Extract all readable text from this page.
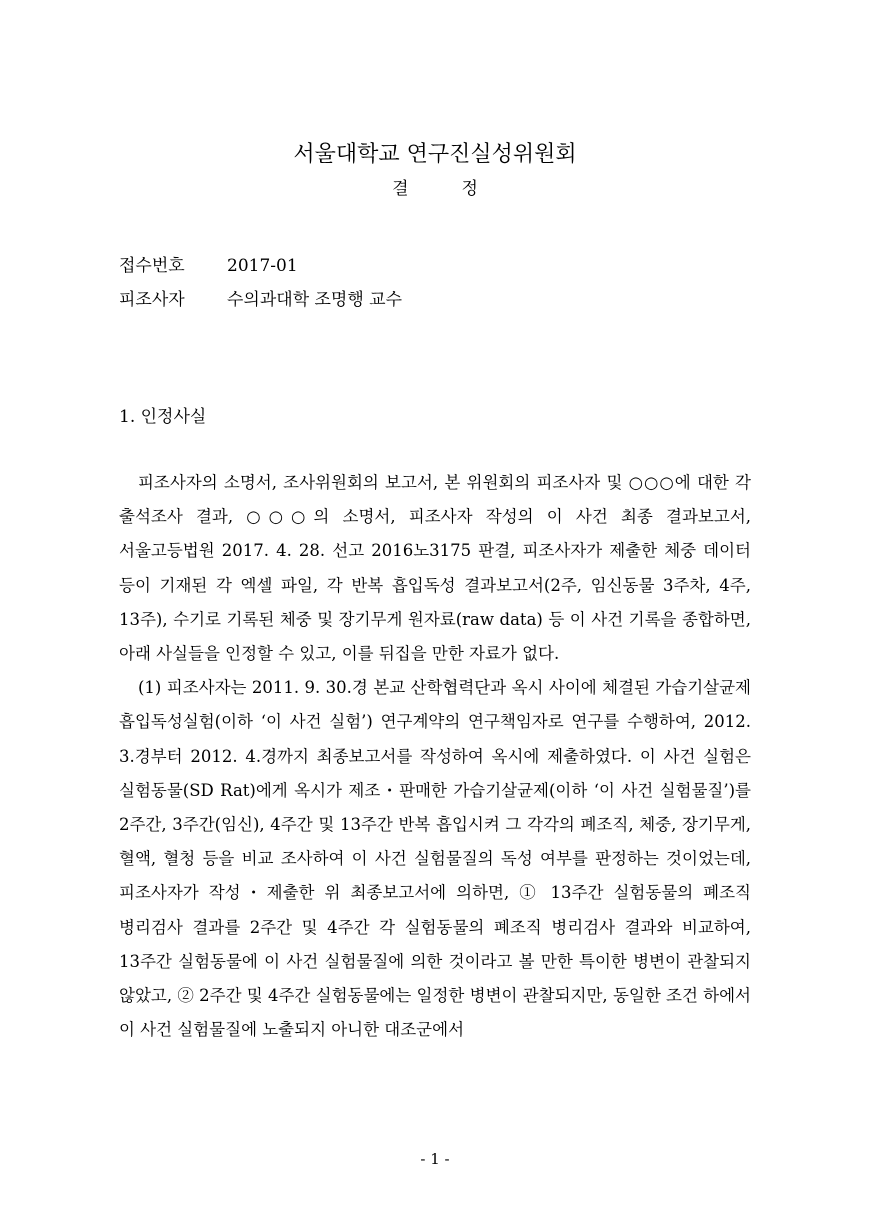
서울대학교 연구진실성위원회
결 정
접수번호 2017-01
피조사자 수의과대학 조명행 교수
1. 인정사실

피조사자의 소명서, 조사위원회의 보고서, 본 위원회의 피조사자 및 ○○○에 대한 각 출석조사 결과, ○○○의 소명서, 피조사자 작성의 이 사건 최종 결과보고서, 서울고등법원 2017. 4. 28. 선고 2016노3175 판결, 피조사자가 제출한 체중 데이터 등이 기재된 각 엑셀 파일, 각 반복 흡입독성 결과보고서(2주, 임신동물 3주차, 4주, 13주), 수기로 기록된 체중 및 장기무게 원자료(raw data) 등 이 사건 기록을 종합하면, 아래 사실들을 인정할 수 있고, 이를 뒤집을 만한 자료가 없다.

(1) 피조사자는 2011. 9. 30.경 본교 산학협력단과 옥시 사이에 체결된 가습기살균제 흡입독성실험(이하 ‘이 사건 실험’) 연구계약의 연구책임자로 연구를 수행하여, 2012. 3.경부터 2012. 4.경까지 최종보고서를 작성하여 옥시에 제출하였다. 이 사건 실험은 실험동물(SD Rat)에게 옥시가 제조・판매한 가습기살균제(이하 ‘이 사건 실험물질’)를 2주간, 3주간(임신), 4주간 및 13주간 반복 흡입시켜 그 각각의 폐조직, 체중, 장기무게, 혈액, 혈청 등을 비교 조사하여 이 사건 실험물질의 독성 여부를 판정하는 것이었는데, 피조사자가 작성・제출한 위 최종보고서에 의하면, ① 13주간 실험동물의 폐조직 병리검사 결과를 2주간 및 4주간 각 실험동물의 폐조직 병리검사 결과와 비교하여, 13주간 실험동물에 이 사건 실험물질에 의한 것이라고 볼 만한 특이한 병변이 관찰되지 않았고, ② 2주간 및 4주간 실험동물에는 일정한 병변이 관찰되지만, 동일한 조건 하에서 이 사건 실험물질에 노출되지 아니한 대조군에서

- 1 -
